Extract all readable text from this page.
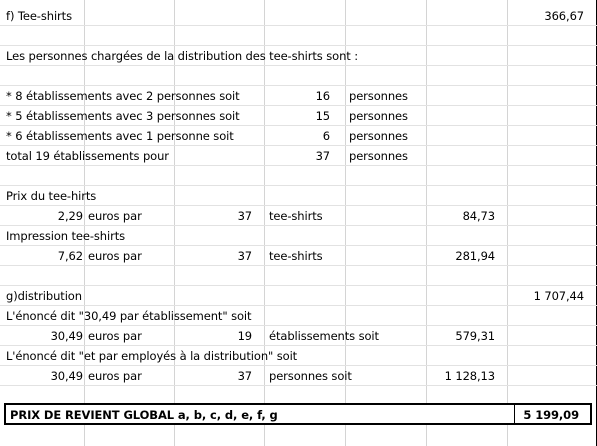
f) Tee-shirts	366,67
Les personnes chargées de la distribution des tee-shirts sont :
* 8 établissements avec 2 personnes soit	16 personnes
* 5 établissements avec 3 personnes soit	15 personnes
* 6 établissements avec 1 personne soit	6 personnes
total 19 établissements pour	37 personnes
Prix du tee-hirts
2,29 euros par	37 tee-shirts	84,73
Impression tee-shirts
7,62 euros par	37 tee-shirts	281,94
g)distribution	1 707,44
L'énoncé dit "30,49 par établissement" soit
30,49 euros par	19 établissements soit	579,31
L'énoncé dit "et par employés à la distribution" soit
30,49 euros par	37 personnes soit	1 128,13
PRIX DE REVIENT GLOBAL a, b, c, d, e, f, g	5 199,09
